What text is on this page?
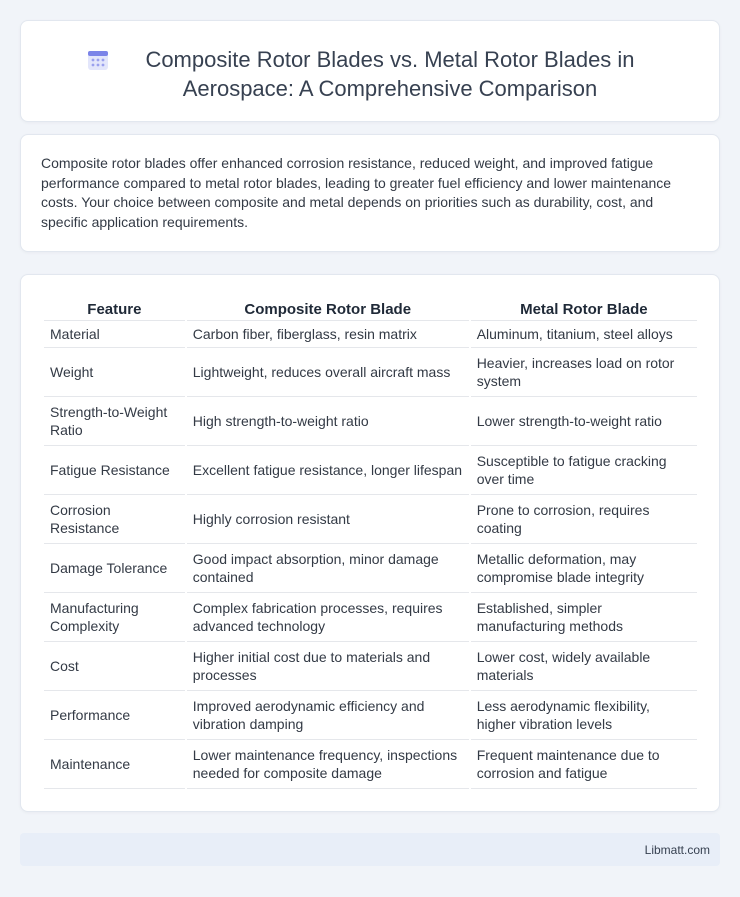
Composite Rotor Blades vs. Metal Rotor Blades in Aerospace: A Comprehensive Comparison

Composite rotor blades offer enhanced corrosion resistance, reduced weight, and improved fatigue performance compared to metal rotor blades, leading to greater fuel efficiency and lower maintenance costs. Your choice between composite and metal depends on priorities such as durability, cost, and specific application requirements.

Feature	Composite Rotor Blade	Metal Rotor Blade
Material	Carbon fiber, fiberglass, resin matrix	Aluminum, titanium, steel alloys
Weight	Lightweight, reduces overall aircraft mass	Heavier, increases load on rotor system
Strength-to-Weight Ratio	High strength-to-weight ratio	Lower strength-to-weight ratio
Fatigue Resistance	Excellent fatigue resistance, longer lifespan	Susceptible to fatigue cracking over time
Corrosion Resistance	Highly corrosion resistant	Prone to corrosion, requires coating
Damage Tolerance	Good impact absorption, minor damage contained	Metallic deformation, may compromise blade integrity
Manufacturing Complexity	Complex fabrication processes, requires advanced technology	Established, simpler manufacturing methods
Cost	Higher initial cost due to materials and processes	Lower cost, widely available materials
Performance	Improved aerodynamic efficiency and vibration damping	Less aerodynamic flexibility, higher vibration levels
Maintenance	Lower maintenance frequency, inspections needed for composite damage	Frequent maintenance due to corrosion and fatigue
Libmatt.com
